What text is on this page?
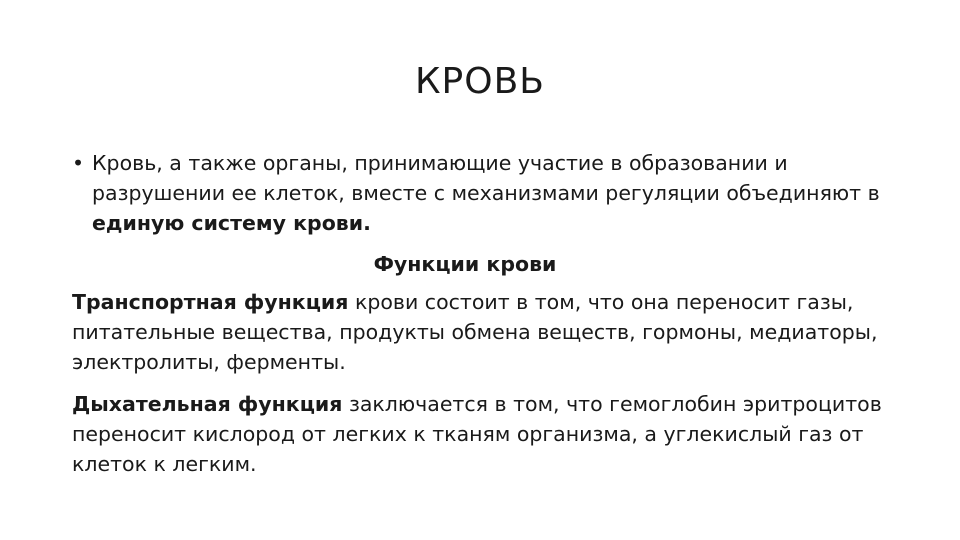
КРОВЬ
• Кровь, а также органы, принимающие участие в образовании и разрушении ее клеток, вместе с механизмами регуляции объединяют в единую систему крови.
Функции крови
Транспортная функция крови состоит в том, что она переносит газы, питательные вещества, продукты обмена веществ, гормоны, медиаторы, электролиты, ферменты.
Дыхательная функция заключается в том, что гемоглобин эритроцитов переносит кислород от легких к тканям организма, а углекислый газ от клеток к легким.
